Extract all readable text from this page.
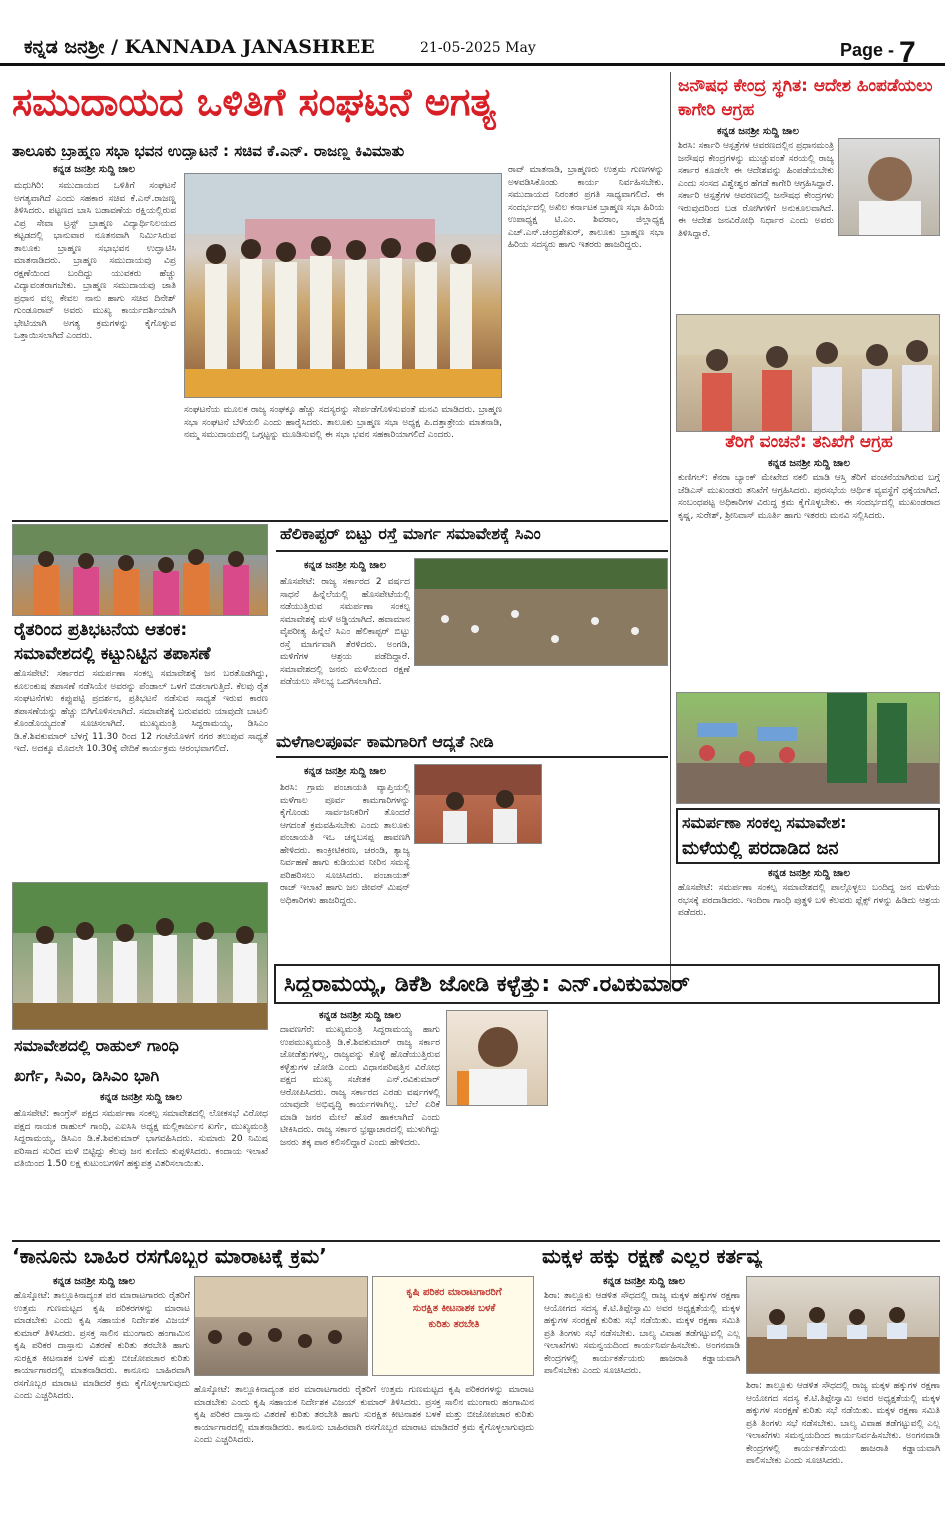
ಕನ್ನಡ ಜನಶ್ರೀ / KANNADA JANASHREE	21-05-2025 May	Page - 7
ಸಮುದಾಯದ ಒಳಿತಿಗೆ ಸಂಘಟನೆ ಅಗತ್ಯ
ತಾಲೂಕು ಬ್ರಾಹ್ಮಣ ಸಭಾ ಭವನ ಉದ್ಘಾಟನೆ : ಸಚಿವ ಕೆ.ಎನ್. ರಾಜಣ್ಣ ಕಿವಿಮಾತು
ಕನ್ನಡ ಜನಶ್ರೀ ಸುದ್ದಿ ಜಾಲ
ಮಧುಗಿರಿ: ಸಮುದಾಯದ ಒಳಿತಿಗೆ ಸಂಘಟನೆ ಅಗತ್ಯವಾಗಿದೆ ಎಂದು ಸಹಕಾರ ಸಚಿವ ಕೆ.ಎನ್.ರಾಜಣ್ಣ ತಿಳಿಸಿದರು. ಪಟ್ಟಣದ ಬಾಸಿ ಬಡಾವಣೆಯ ರಕ್ಷಿಯಲ್ಲಿರುವ ವಿಪ್ರ ಸೇವಾ ಟ್ರಸ್ಟ್ ಬ್ರಾಹ್ಮಣ ವಿದ್ಯಾರ್ಥಿನಿಲಯದ ಕಟ್ಟಡದಲ್ಲಿ ಭಾನುವಾರ ನೂತನವಾಗಿ ನಿರ್ಮಿಸಿರುವ ತಾಲೂಕು ಬ್ರಾಹ್ಮಣ ಸಭಾಭವನ ಉದ್ಘಾಟಿಸಿ ಮಾತನಾಡಿದರು. ಬ್ರಾಹ್ಮಣ ಸಮುದಾಯವು ವಿಪ್ರ ರಕ್ಷಣೆಯಿಂದ ಬಂದಿದ್ದು ಯುವಕರು ಹೆಚ್ಚು ವಿದ್ಯಾವಂತರಾಗಬೇಕು. ಬ್ರಾಹ್ಮಣ ಸಮುದಾಯವು ಜಾತಿ ಪ್ರಧಾನ ವಲ್ಲ ಕೇವಲ ನಾನು ಹಾಗು ಸಚಿವ ದಿನೇಶ್ ಗುಂಡೂರಾವ್ ಅವರು ಮುಖ್ಯ ಕಾರ್ಯದರ್ಶಿಯಾಗಿ ಭೇಟಿಯಾಗಿ ಅಗತ್ಯ ಕ್ರಮಗಳನ್ನು ಕೈಗೊಳ್ಳುವ ಒತ್ತಾಯಿಸಲಾಗಿದೆ ಎಂದರು.
ಸಂಘಟನೆಯ ಮೂಲಕ ರಾಜ್ಯ ಸಂಘಕ್ಕೂ ಹೆಚ್ಚು ಸದಸ್ಯರನ್ನು ಸೇರ್ಪಡೆಗೊಳಿಸುವಂತೆ ಮನವಿ ಮಾಡಿದರು. ಬ್ರಾಹ್ಮಣ ಸಭಾ ಸಂಘಟನೆ ಬೆಳೆಯಲಿ ಎಂದು ಹಾರೈಸಿದರು. ತಾಲೂಕು ಬ್ರಾಹ್ಮಣ ಸಭಾ ಅಧ್ಯಕ್ಷ ಪಿ.ದತ್ತಾತ್ರೇಯ ಮಾತನಾಡಿ, ನಮ್ಮ ಸಮುದಾಯದಲ್ಲಿ ಒಗ್ಗಟ್ಟನ್ನು ಮೂಡಿಸುವಲ್ಲಿ ಈ ಸಭಾ ಭವನ ಸಹಕಾರಿಯಾಗಲಿದೆ ಎಂದರು.
ರಾವ್ ಮಾತನಾಡಿ, ಬ್ರಾಹ್ಮಣರು ಉತ್ತಮ ಗುಣಗಳನ್ನು ಅಳವಡಿಸಿಕೊಂಡು ಕಾರ್ಯ ನಿರ್ವಹಿಸಬೇಕು. ಸಮುದಾಯದ ನಿರಂತರ ಪ್ರಗತಿ ಸಾಧ್ಯವಾಗಲಿದೆ. ಈ ಸಂದರ್ಭದಲ್ಲಿ ಅಖಿಲ ಕರ್ನಾಟಕ ಬ್ರಾಹ್ಮಣ ಸಭಾ ಹಿರಿಯ ಉಪಾಧ್ಯಕ್ಷ ಟಿ.ಎಂ. ಶಿವರಾಂ, ಜಿಲ್ಲಾಧ್ಯಕ್ಷ ಎಚ್.ಎನ್.ಚಂದ್ರಶೇಖರ್, ತಾಲೂಕು ಬ್ರಾಹ್ಮಣ ಸಭಾ ಹಿರಿಯ ಸದಸ್ಯರು ಹಾಗು ಇತರರು ಹಾಜರಿದ್ದರು.
ಜನೌಷಧ ಕೇಂದ್ರ ಸ್ಥಗಿತ: ಆದೇಶ ಹಿಂಪಡೆಯಲು ಕಾಗೇರಿ ಆಗ್ರಹ
ಕನ್ನಡ ಜನಶ್ರೀ ಸುದ್ದಿ ಜಾಲ
ಶಿರಸಿ: ಸರ್ಕಾರಿ ಆಸ್ಪತ್ರೆಗಳ ಆವರಣದಲ್ಲಿನ ಪ್ರಧಾನಮಂತ್ರಿ ಜನೌಷಧ ಕೇಂದ್ರಗಳನ್ನು ಮುಚ್ಚುವಂತೆ ಸರಯಲ್ಲಿ ರಾಜ್ಯ ಸರ್ಕಾರ ಕೂಡಲೇ ಈ ಆದೇಶವನ್ನು ಹಿಂಪಡೆಯಬೇಕು ಎಂದು ಸಂಸದ ವಿಶ್ವೇಶ್ವರ ಹೆಗಡೆ ಕಾಗೇರಿ ಆಗ್ರಹಿಸಿದ್ದಾರೆ. ಸರ್ಕಾರಿ ಆಸ್ಪತ್ರೆಗಳ ಆವರಣದಲ್ಲಿ ಜನೌಷಧ ಕೇಂದ್ರಗಳು ಇರುವುದರಿಂದ ಬಡ ರೋಗಿಗಳಿಗೆ ಅನುಕೂಲವಾಗಿದೆ. ಈ ಆದೇಶ ಜನವಿರೋಧಿ ನಿರ್ಧಾರ ಎಂದು ಅವರು ತಿಳಿಸಿದ್ದಾರೆ.
ತೆರಿಗೆ ವಂಚನೆ: ತನಿಖೆಗೆ ಆಗ್ರಹ
ಕನ್ನಡ ಜನಶ್ರೀ ಸುದ್ದಿ ಜಾಲ
ಕುಣಿಗಲ್: ಕೆನರಾ ಬ್ಯಾಂಕ್ ಮೇಖೇದ ನಕಲಿ ಮಾಡಿ ಆಸ್ತಿ ತೆರಿಗೆ ವಂಚನೆಯಾಗಿರುವ ಬಗ್ಗೆ ಜೆಡಿಎಸ್ ಮುಖಂಡರು ತನಿಖೆಗೆ ಆಗ್ರಹಿಸಿದರು. ಪುರಸಭೆಯ ಆರ್ಥಿಕ ವ್ಯವಸ್ಥೆಗೆ ಧಕ್ಕೆಯಾಗಿದೆ. ಸಂಬಂಧಪಟ್ಟ ಅಧಿಕಾರಿಗಳ ವಿರುದ್ಧ ಕ್ರಮ ಕೈಗೊಳ್ಳಬೇಕು. ಈ ಸಂದರ್ಭದಲ್ಲಿ ಮುಖಂಡರಾದ ಕೃಷ್ಣ, ಸುರೇಶ್, ಶ್ರೀನಿವಾಸ್ ಮೂರ್ತಿ ಹಾಗು ಇತರರು ಮನವಿ ಸಲ್ಲಿಸಿದರು.
ಸಮರ್ಪಣಾ ಸಂಕಲ್ಪ ಸಮಾವೇಶ:
ಮಳೆಯಲ್ಲಿ ಪರದಾಡಿದ ಜನ
ಕನ್ನಡ ಜನಶ್ರೀ ಸುದ್ದಿ ಜಾಲ
ಹೊಸಪೇಟೆ: ಸಮರ್ಪಣಾ ಸಂಕಲ್ಪ ಸಮಾವೇಶದಲ್ಲಿ ಪಾಲ್ಗೊಳ್ಳಲು ಬಂದಿದ್ದ ಜನ ಮಳೆಯ ರಭಸಕ್ಕೆ ಪರದಾಡಿದರು. ಇಂದಿರಾ ಗಾಂಧಿ ಪುತ್ಥಳಿ ಬಳಿ ಕೆಲವರು ಫ್ಲೆಕ್ಸ್ ಗಳನ್ನು ಹಿಡಿದು ಆಶ್ರಯ ಪಡೆದರು.
ರೈತರಿಂದ ಪ್ರತಿಭಟನೆಯ ಆತಂಕ:
ಸಮಾವೇಶದಲ್ಲಿ ಕಟ್ಟುನಿಟ್ಟಿನ ತಪಾಸಣೆ
ಹೊಸಪೇಟೆ: ಸರ್ಕಾರದ ಸಮರ್ಪಣಾ ಸಂಕಲ್ಪ ಸಮಾವೇಶಕ್ಕೆ ಜನ ಬರತೊಡಗಿದ್ದು, ಕೂಲಂಕುಷ ತಪಾಸಣೆ ನಡೆಸಿಯೇ ಅವರನ್ನು ಪೆಂಡಾಲ್ ಒಳಗೆ ಬಿಡಲಾಗುತ್ತಿದೆ. ಕೆಲವು ರೈತ ಸಂಘಟನೆಗಳು ಕಪ್ಪುಪಟ್ಟಿ ಪ್ರದರ್ಶನ, ಪ್ರತಿಭಟನೆ ನಡೆಸುವ ಸಾಧ್ಯತೆ ಇರುವ ಕಾರಣ ತಪಾಸಣೆಯನ್ನು ಹೆಚ್ಚು ಬಿಗಿಗೊಳಿಸಲಾಗಿದೆ. ಸಮಾವೇಶಕ್ಕೆ ಬರುವವರು ಯಾವುದೇ ಬಾಟಲಿ ಕೊಂಡೊಯ್ಯದಂತೆ ಸೂಚಿಸಲಾಗಿದೆ. ಮುಖ್ಯಮಂತ್ರಿ ಸಿದ್ದರಾಮಯ್ಯ, ಡಿಸಿಎಂ ಡಿ.ಕೆ.ಶಿವಕುಮಾರ್ ಬೆಳಗ್ಗೆ 11.30 ರಿಂದ 12 ಗಂಟೆಯೊಳಗೆ ನಗರ ತಲುಪುವ ಸಾಧ್ಯತೆ ಇದೆ. ಅದಕ್ಕೂ ಮೊದಲೇ 10.30ಕ್ಕೆ ವೇದಿಕೆ ಕಾರ್ಯಕ್ರಮ ಆರಂಭವಾಗಲಿದೆ.
ಹೆಲಿಕಾಪ್ಟರ್ ಬಿಟ್ಟು ರಸ್ತೆ ಮಾರ್ಗ ಸಮಾವೇಶಕ್ಕೆ ಸಿಎಂ
ಕನ್ನಡ ಜನಶ್ರೀ ಸುದ್ದಿ ಜಾಲ
ಹೊಸಪೇಟೆ: ರಾಜ್ಯ ಸರ್ಕಾರದ 2 ವರ್ಷದ ಸಾಧನೆ ಹಿನ್ನೆಲೆಯಲ್ಲಿ ಹೊಸಪೇಟೆಯಲ್ಲಿ ನಡೆಯುತ್ತಿರುವ ಸಮರ್ಪಣಾ ಸಂಕಲ್ಪ ಸಮಾವೇಶಕ್ಕೆ ಮಳೆ ಅಡ್ಡಿಯಾಗಿದೆ. ಹವಾಮಾನ ವೈಪರೀತ್ಯ ಹಿನ್ನೆಲೆ ಸಿಎಂ ಹೆಲಿಕಾಪ್ಟರ್ ಬಿಟ್ಟು ರಸ್ತೆ ಮಾರ್ಗವಾಗಿ ತೆರಳಿದರು. ಅಂಗಡಿ, ಮಳಿಗೆಗಳ ಆಶ್ರಯ ಪಡೆದಿದ್ದಾರೆ. ಸಮಾವೇಶದಲ್ಲಿ ಜನರು ಮಳೆಯಿಂದ ರಕ್ಷಣೆ ಪಡೆಯಲು ಸೌಲಭ್ಯ ಒದಗಿಸಲಾಗಿದೆ.
ಮಳೆಗಾಲಪೂರ್ವ ಕಾಮಗಾರಿಗೆ ಆದ್ಯತೆ ನೀಡಿ
ಕನ್ನಡ ಜನಶ್ರೀ ಸುದ್ದಿ ಜಾಲ
ಶಿರಸಿ: ಗ್ರಾಮ ಪಂಚಾಯತಿ ವ್ಯಾಪ್ತಿಯಲ್ಲಿ ಮಳೆಗಾಲ ಪೂರ್ವ ಕಾಮಗಾರಿಗಳನ್ನು ಕೈಗೊಂಡು ಸಾರ್ವಜನಿಕರಿಗೆ ತೊಂದರೆ ಆಗದಂತೆ ಕ್ರಮವಹಿಸಬೇಕು ಎಂದು ತಾಲೂಕು ಪಂಚಾಯತಿ ಇಒ ಚನ್ನಬಸಪ್ಪ ಹಾವಣಗಿ ಹೇಳಿದರು. ಕಾಂಕ್ರೀಟಿಕರಣ, ಚರಂಡಿ, ತ್ಯಾಜ್ಯ ನಿರ್ವಹಣೆ ಹಾಗು ಕುಡಿಯುವ ನೀರಿನ ಸಮಸ್ಯೆ ಪರಿಹರಿಸಲು ಸೂಚಿಸಿದರು. ಪಂಚಾಯತ್ ರಾಜ್ ಇಲಾಖೆ ಹಾಗು ಜಲ ಜೀವನ್ ಮಿಷನ್ ಅಧಿಕಾರಿಗಳು ಹಾಜರಿದ್ದರು.
ಸಮಾವೇಶದಲ್ಲಿ ರಾಹುಲ್ ಗಾಂಧಿ
ಖರ್ಗೆ, ಸಿಎಂ, ಡಿಸಿಎಂ ಭಾಗಿ
ಕನ್ನಡ ಜನಶ್ರೀ ಸುದ್ದಿ ಜಾಲ
ಹೊಸಪೇಟೆ: ಕಾಂಗ್ರೆಸ್ ಪಕ್ಷದ ಸಮರ್ಪಣಾ ಸಂಕಲ್ಪ ಸಮಾವೇಶದಲ್ಲಿ ಲೋಕಸಭೆ ವಿರೋಧ ಪಕ್ಷದ ನಾಯಕ ರಾಹುಲ್ ಗಾಂಧಿ, ಎಐಸಿಸಿ ಅಧ್ಯಕ್ಷ ಮಲ್ಲಿಕಾರ್ಜುನ ಖರ್ಗೆ, ಮುಖ್ಯಮಂತ್ರಿ ಸಿದ್ದರಾಮಯ್ಯ, ಡಿಸಿಎಂ ಡಿ.ಕೆ.ಶಿವಕುಮಾರ್ ಭಾಗವಹಿಸಿದರು. ಸುಮಾರು 20 ನಿಮಿಷ ಪರಿಸಾದ ಸುರಿದ ಮಳೆ ಬಿಟ್ಟಿದ್ದು ಕೆಲವು ಜನ ಕುಣಿದು ಕುಪ್ಪಳಿಸಿದರು. ಕಂದಾಯ ಇಲಾಖೆ ವತಿಯಿಂದ 1.50 ಲಕ್ಷ ಕುಟುಂಬಗಳಿಗೆ ಹಕ್ಕುಪತ್ರ ವಿತರಿಸಲಾಯಿತು.
ಸಿದ್ದರಾಮಯ್ಯ, ಡಿಕೆಶಿ ಜೋಡಿ ಕಳ್ಳೆತ್ತು: ಎನ್.ರವಿಕುಮಾರ್
ಕನ್ನಡ ಜನಶ್ರೀ ಸುದ್ದಿ ಜಾಲ
ದಾವಣಗೆರೆ: ಮುಖ್ಯಮಂತ್ರಿ ಸಿದ್ದರಾಮಯ್ಯ ಹಾಗು ಉಪಮುಖ್ಯಮಂತ್ರಿ ಡಿ.ಕೆ.ಶಿವಕುಮಾರ್ ರಾಜ್ಯ ಸರ್ಕಾರ ಜೋಡೆತ್ತುಗಳಲ್ಲ, ರಾಜ್ಯವನ್ನು ಕೊಳ್ಳೆ ಹೊಡೆಯುತ್ತಿರುವ ಕಳ್ಳೆತ್ತುಗಳ ಜೋಡಿ ಎಂದು ವಿಧಾನಪರಿಷತ್ತಿನ ವಿರೋಧ ಪಕ್ಷದ ಮುಖ್ಯ ಸಚೇತಕ ಎನ್.ರವಿಕುಮಾರ್ ಆರೋಪಿಸಿದರು. ರಾಜ್ಯ ಸರ್ಕಾರದ ಎರಡು ವರ್ಷಗಳಲ್ಲಿ ಯಾವುದೇ ಅಭಿವೃದ್ಧಿ ಕಾರ್ಯಗಳಾಗಿಲ್ಲ. ಬೆಲೆ ಏರಿಕೆ ಮಾಡಿ ಜನರ ಮೇಲೆ ಹೊರೆ ಹಾಕಲಾಗಿದೆ ಎಂದು ಟೀಕಿಸಿದರು. ರಾಜ್ಯ ಸರ್ಕಾರ ಭ್ರಷ್ಟಾಚಾರದಲ್ಲಿ ಮುಳುಗಿದ್ದು ಜನರು ತಕ್ಕ ಪಾಠ ಕಲಿಸಲಿದ್ದಾರೆ ಎಂದು ಹೇಳಿದರು.
‘ಕಾನೂನು ಬಾಹಿರ ರಸಗೊಬ್ಬರ ಮಾರಾಟಕ್ಕೆ ಕ್ರಮ’
ಕನ್ನಡ ಜನಶ್ರೀ ಸುದ್ದಿ ಜಾಲ
ಹೊಸ್ಕೋಟೆ: ತಾಲ್ಲೂಕಿನಾದ್ಯಂತ ಪರ ಮಾರಾಟಗಾರರು ರೈತರಿಗೆ ಉತ್ತಮ ಗುಣಮಟ್ಟದ ಕೃಷಿ ಪರಿಕರಗಳನ್ನು ಮಾರಾಟ ಮಾಡಬೇಕು ಎಂದು ಕೃಷಿ ಸಹಾಯಕ ನಿರ್ದೇಶಕ ವಿಜಯ್ ಕುಮಾರ್ ತಿಳಿಸಿದರು. ಪ್ರಸಕ್ತ ಸಾಲಿನ ಮುಂಗಾರು ಹಂಗಾಮಿನ ಕೃಷಿ ಪರಿಕರ ದಾಸ್ತಾನು ವಿತರಣೆ ಕುರಿತು ತರಬೇತಿ ಹಾಗು ಸುರಕ್ಷಿತ ಕೀಟನಾಶಕ ಬಳಕೆ ಮತ್ತು ಬೀಜೋಪಚಾರ ಕುರಿತು ಕಾರ್ಯಾಗಾರದಲ್ಲಿ ಮಾತನಾಡಿದರು. ಕಾನೂನು ಬಾಹಿರವಾಗಿ ರಸಗೊಬ್ಬರ ಮಾರಾಟ ಮಾಡಿದರೆ ಕ್ರಮ ಕೈಗೊಳ್ಳಲಾಗುವುದು ಎಂದು ಎಚ್ಚರಿಸಿದರು.
ಕೃಷಿ ಪರಿಕರ ಮಾರಾಟಗಾರರಿಗೆ
ಸುರಕ್ಷಿತ ಕೀಟನಾಶಕ ಬಳಕೆ
ಕುರಿತು ತರಬೇತಿ
ಹೊಸ್ಕೋಟೆ: ತಾಲ್ಲೂಕಿನಾದ್ಯಂತ ಪರ ಮಾರಾಟಗಾರರು ರೈತರಿಗೆ ಉತ್ತಮ ಗುಣಮಟ್ಟದ ಕೃಷಿ ಪರಿಕರಗಳನ್ನು ಮಾರಾಟ ಮಾಡಬೇಕು ಎಂದು ಕೃಷಿ ಸಹಾಯಕ ನಿರ್ದೇಶಕ ವಿಜಯ್ ಕುಮಾರ್ ತಿಳಿಸಿದರು. ಪ್ರಸಕ್ತ ಸಾಲಿನ ಮುಂಗಾರು ಹಂಗಾಮಿನ ಕೃಷಿ ಪರಿಕರ ದಾಸ್ತಾನು ವಿತರಣೆ ಕುರಿತು ತರಬೇತಿ ಹಾಗು ಸುರಕ್ಷಿತ ಕೀಟನಾಶಕ ಬಳಕೆ ಮತ್ತು ಬೀಜೋಪಚಾರ ಕುರಿತು ಕಾರ್ಯಾಗಾರದಲ್ಲಿ ಮಾತನಾಡಿದರು. ಕಾನೂನು ಬಾಹಿರವಾಗಿ ರಸಗೊಬ್ಬರ ಮಾರಾಟ ಮಾಡಿದರೆ ಕ್ರಮ ಕೈಗೊಳ್ಳಲಾಗುವುದು ಎಂದು ಎಚ್ಚರಿಸಿದರು.
ಮಕ್ಕಳ ಹಕ್ಕು ರಕ್ಷಣೆ ಎಲ್ಲರ ಕರ್ತವ್ಯ
ಕನ್ನಡ ಜನಶ್ರೀ ಸುದ್ದಿ ಜಾಲ
ಶಿರಾ: ತಾಲ್ಲೂಕು ಆಡಳಿತ ಸೌಧದಲ್ಲಿ ರಾಜ್ಯ ಮಕ್ಕಳ ಹಕ್ಕುಗಳ ರಕ್ಷಣಾ ಆಯೋಗದ ಸದಸ್ಯ ಕೆ.ಟಿ.ತಿಪ್ಪೇಸ್ವಾಮಿ ಅವರ ಅಧ್ಯಕ್ಷತೆಯಲ್ಲಿ ಮಕ್ಕಳ ಹಕ್ಕುಗಳ ಸಂರಕ್ಷಣೆ ಕುರಿತು ಸಭೆ ನಡೆಯಿತು. ಮಕ್ಕಳ ರಕ್ಷಣಾ ಸಮಿತಿ ಪ್ರತಿ ತಿಂಗಳು ಸಭೆ ನಡೆಸಬೇಕು. ಬಾಲ್ಯ ವಿವಾಹ ತಡೆಗಟ್ಟುವಲ್ಲಿ ಎಲ್ಲ ಇಲಾಖೆಗಳು ಸಮನ್ವಯದಿಂದ ಕಾರ್ಯನಿರ್ವಹಿಸಬೇಕು. ಅಂಗನವಾಡಿ ಕೇಂದ್ರಗಳಲ್ಲಿ ಕಾರ್ಯಕರ್ತೆಯರು ಹಾಜರಾತಿ ಕಡ್ಡಾಯವಾಗಿ ಪಾಲಿಸಬೇಕು ಎಂದು ಸೂಚಿಸಿದರು.
ಶಿರಾ: ತಾಲ್ಲೂಕು ಆಡಳಿತ ಸೌಧದಲ್ಲಿ ರಾಜ್ಯ ಮಕ್ಕಳ ಹಕ್ಕುಗಳ ರಕ್ಷಣಾ ಆಯೋಗದ ಸದಸ್ಯ ಕೆ.ಟಿ.ತಿಪ್ಪೇಸ್ವಾಮಿ ಅವರ ಅಧ್ಯಕ್ಷತೆಯಲ್ಲಿ ಮಕ್ಕಳ ಹಕ್ಕುಗಳ ಸಂರಕ್ಷಣೆ ಕುರಿತು ಸಭೆ ನಡೆಯಿತು. ಮಕ್ಕಳ ರಕ್ಷಣಾ ಸಮಿತಿ ಪ್ರತಿ ತಿಂಗಳು ಸಭೆ ನಡೆಸಬೇಕು. ಬಾಲ್ಯ ವಿವಾಹ ತಡೆಗಟ್ಟುವಲ್ಲಿ ಎಲ್ಲ ಇಲಾಖೆಗಳು ಸಮನ್ವಯದಿಂದ ಕಾರ್ಯನಿರ್ವಹಿಸಬೇಕು. ಅಂಗನವಾಡಿ ಕೇಂದ್ರಗಳಲ್ಲಿ ಕಾರ್ಯಕರ್ತೆಯರು ಹಾಜರಾತಿ ಕಡ್ಡಾಯವಾಗಿ ಪಾಲಿಸಬೇಕು ಎಂದು ಸೂಚಿಸಿದರು.
